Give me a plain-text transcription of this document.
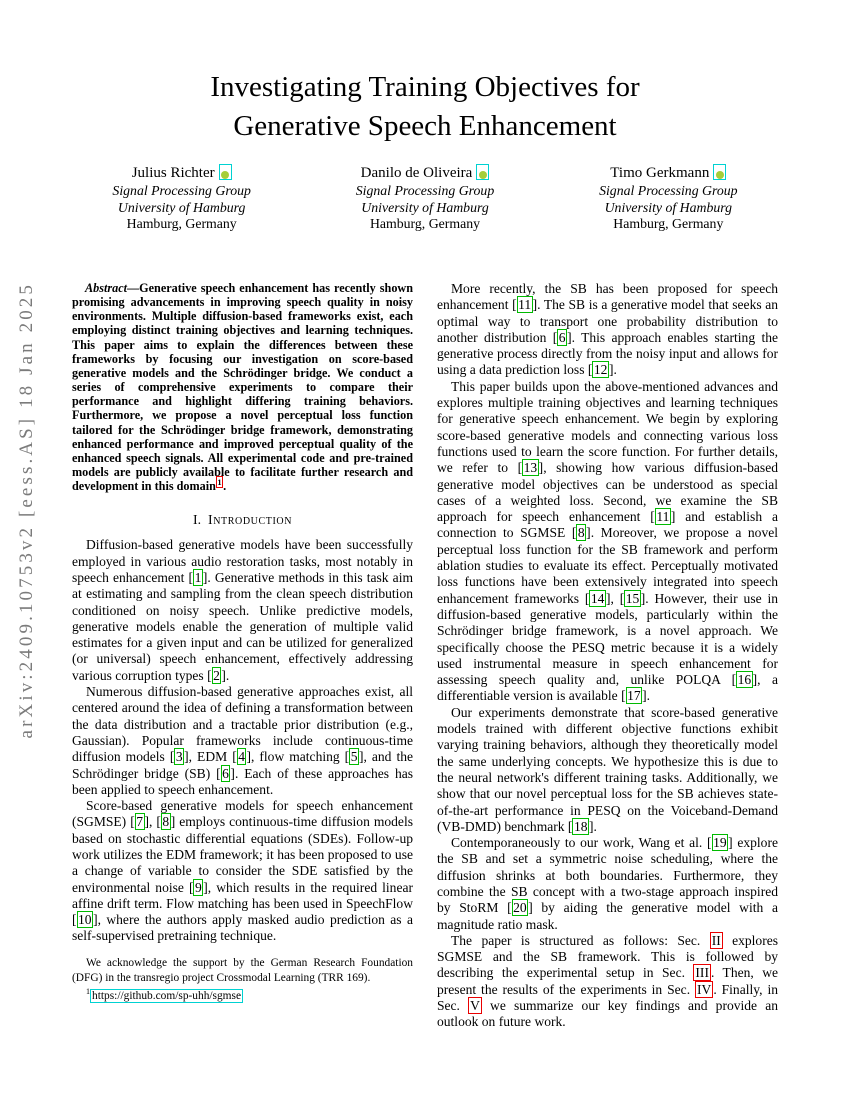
arXiv:2409.10753v2 [eess.AS] 18 Jan 2025
Investigating Training Objectives for
Generative Speech Enhancement
Julius Richter
Signal Processing Group
University of Hamburg
Hamburg, Germany
Danilo de Oliveira
Signal Processing Group
University of Hamburg
Hamburg, Germany
Timo Gerkmann
Signal Processing Group
University of Hamburg
Hamburg, Germany
Abstract—Generative speech enhancement has recently shown promising advancements in improving speech quality in noisy environments. Multiple diffusion-based frameworks exist, each employing distinct training objectives and learning techniques. This paper aims to explain the differences between these frameworks by focusing our investigation on score-based generative models and the Schrödinger bridge. We conduct a series of comprehensive experiments to compare their performance and highlight differing training behaviors. Furthermore, we propose a novel perceptual loss function tailored for the Schrödinger bridge framework, demonstrating enhanced performance and improved perceptual quality of the enhanced speech signals. All experimental code and pre-trained models are publicly available to facilitate further research and development in this domain $^1$ .
I. Introduction

Diffusion-based generative models have been successfully employed in various audio restoration tasks, most notably in speech enhancement [ 1 ]. Generative methods in this task aim at estimating and sampling from the clean speech distribution conditioned on noisy speech. Unlike predictive models, generative models enable the generation of multiple valid estimates for a given input and can be utilized for generalized (or universal) speech enhancement, effectively addressing various corruption types [ 2 ].

Numerous diffusion-based generative approaches exist, all centered around the idea of defining a transformation between the data distribution and a tractable prior distribution (e.g., Gaussian). Popular frameworks include continuous-time diffusion models [ 3 ], EDM [ 4 ], flow matching [ 5 ], and the Schrödinger bridge (SB) [ 6 ]. Each of these approaches has been applied to speech enhancement.

Score-based generative models for speech enhancement (SGMSE) [ 7 ], [ 8 ] employs continuous-time diffusion models based on stochastic differential equations (SDEs). Follow-up work utilizes the EDM framework; it has been proposed to use a change of variable to consider the SDE satisfied by the environmental noise [ 9 ], which results in the required linear affine drift term. Flow matching has been used in SpeechFlow [ 10 ], where the authors apply masked audio prediction as a self-supervised pretraining technique.

More recently, the SB has been proposed for speech enhancement [ 11 ]. The SB is a generative model that seeks an optimal way to transport one probability distribution to another distribution [ 6 ]. This approach enables starting the generative process directly from the noisy input and allows for using a data prediction loss [ 12 ].

This paper builds upon the above-mentioned advances and explores multiple training objectives and learning techniques for generative speech enhancement. We begin by exploring score-based generative models and connecting various loss functions used to learn the score function. For further details, we refer to [ 13 ], showing how various diffusion-based generative model objectives can be understood as special cases of a weighted loss. Second, we examine the SB approach for speech enhancement [ 11 ] and establish a connection to SGMSE [ 8 ]. Moreover, we propose a novel perceptual loss function for the SB framework and perform ablation studies to evaluate its effect. Perceptually motivated loss functions have been extensively integrated into speech enhancement frameworks [ 14 ], [ 15 ]. However, their use in diffusion-based generative models, particularly within the Schrödinger bridge framework, is a novel approach. We specifically choose the PESQ metric because it is a widely used instrumental measure in speech enhancement for assessing speech quality and, unlike POLQA [ 16 ], a differentiable version is available [ 17 ].

Our experiments demonstrate that score-based generative models trained with different objective functions exhibit varying training behaviors, although they theoretically model the same underlying concepts. We hypothesize this is due to the neural network's different training tasks. Additionally, we show that our novel perceptual loss for the SB achieves state-of-the-art performance in PESQ on the Voiceband-Demand (VB-DMD) benchmark [ 18 ].

Contemporaneously to our work, Wang et al. [ 19 ] explore the SB and set a symmetric noise scheduling, where the diffusion shrinks at both boundaries. Furthermore, they combine the SB concept with a two-stage approach inspired by StoRM [ 20 ] by aiding the generative model with a magnitude ratio mask.

The paper is structured as follows: Sec. II explores SGMSE and the SB framework. This is followed by describing the experimental setup in Sec. III . Then, we present the results of the experiments in Sec. IV . Finally, in Sec. V we summarize our key findings and provide an outlook on future work.

We acknowledge the support by the German Research Foundation (DFG) in the transregio project Crossmodal Learning (TRR 169).

$^1$ https://github.com/sp-uhh/sgmse
